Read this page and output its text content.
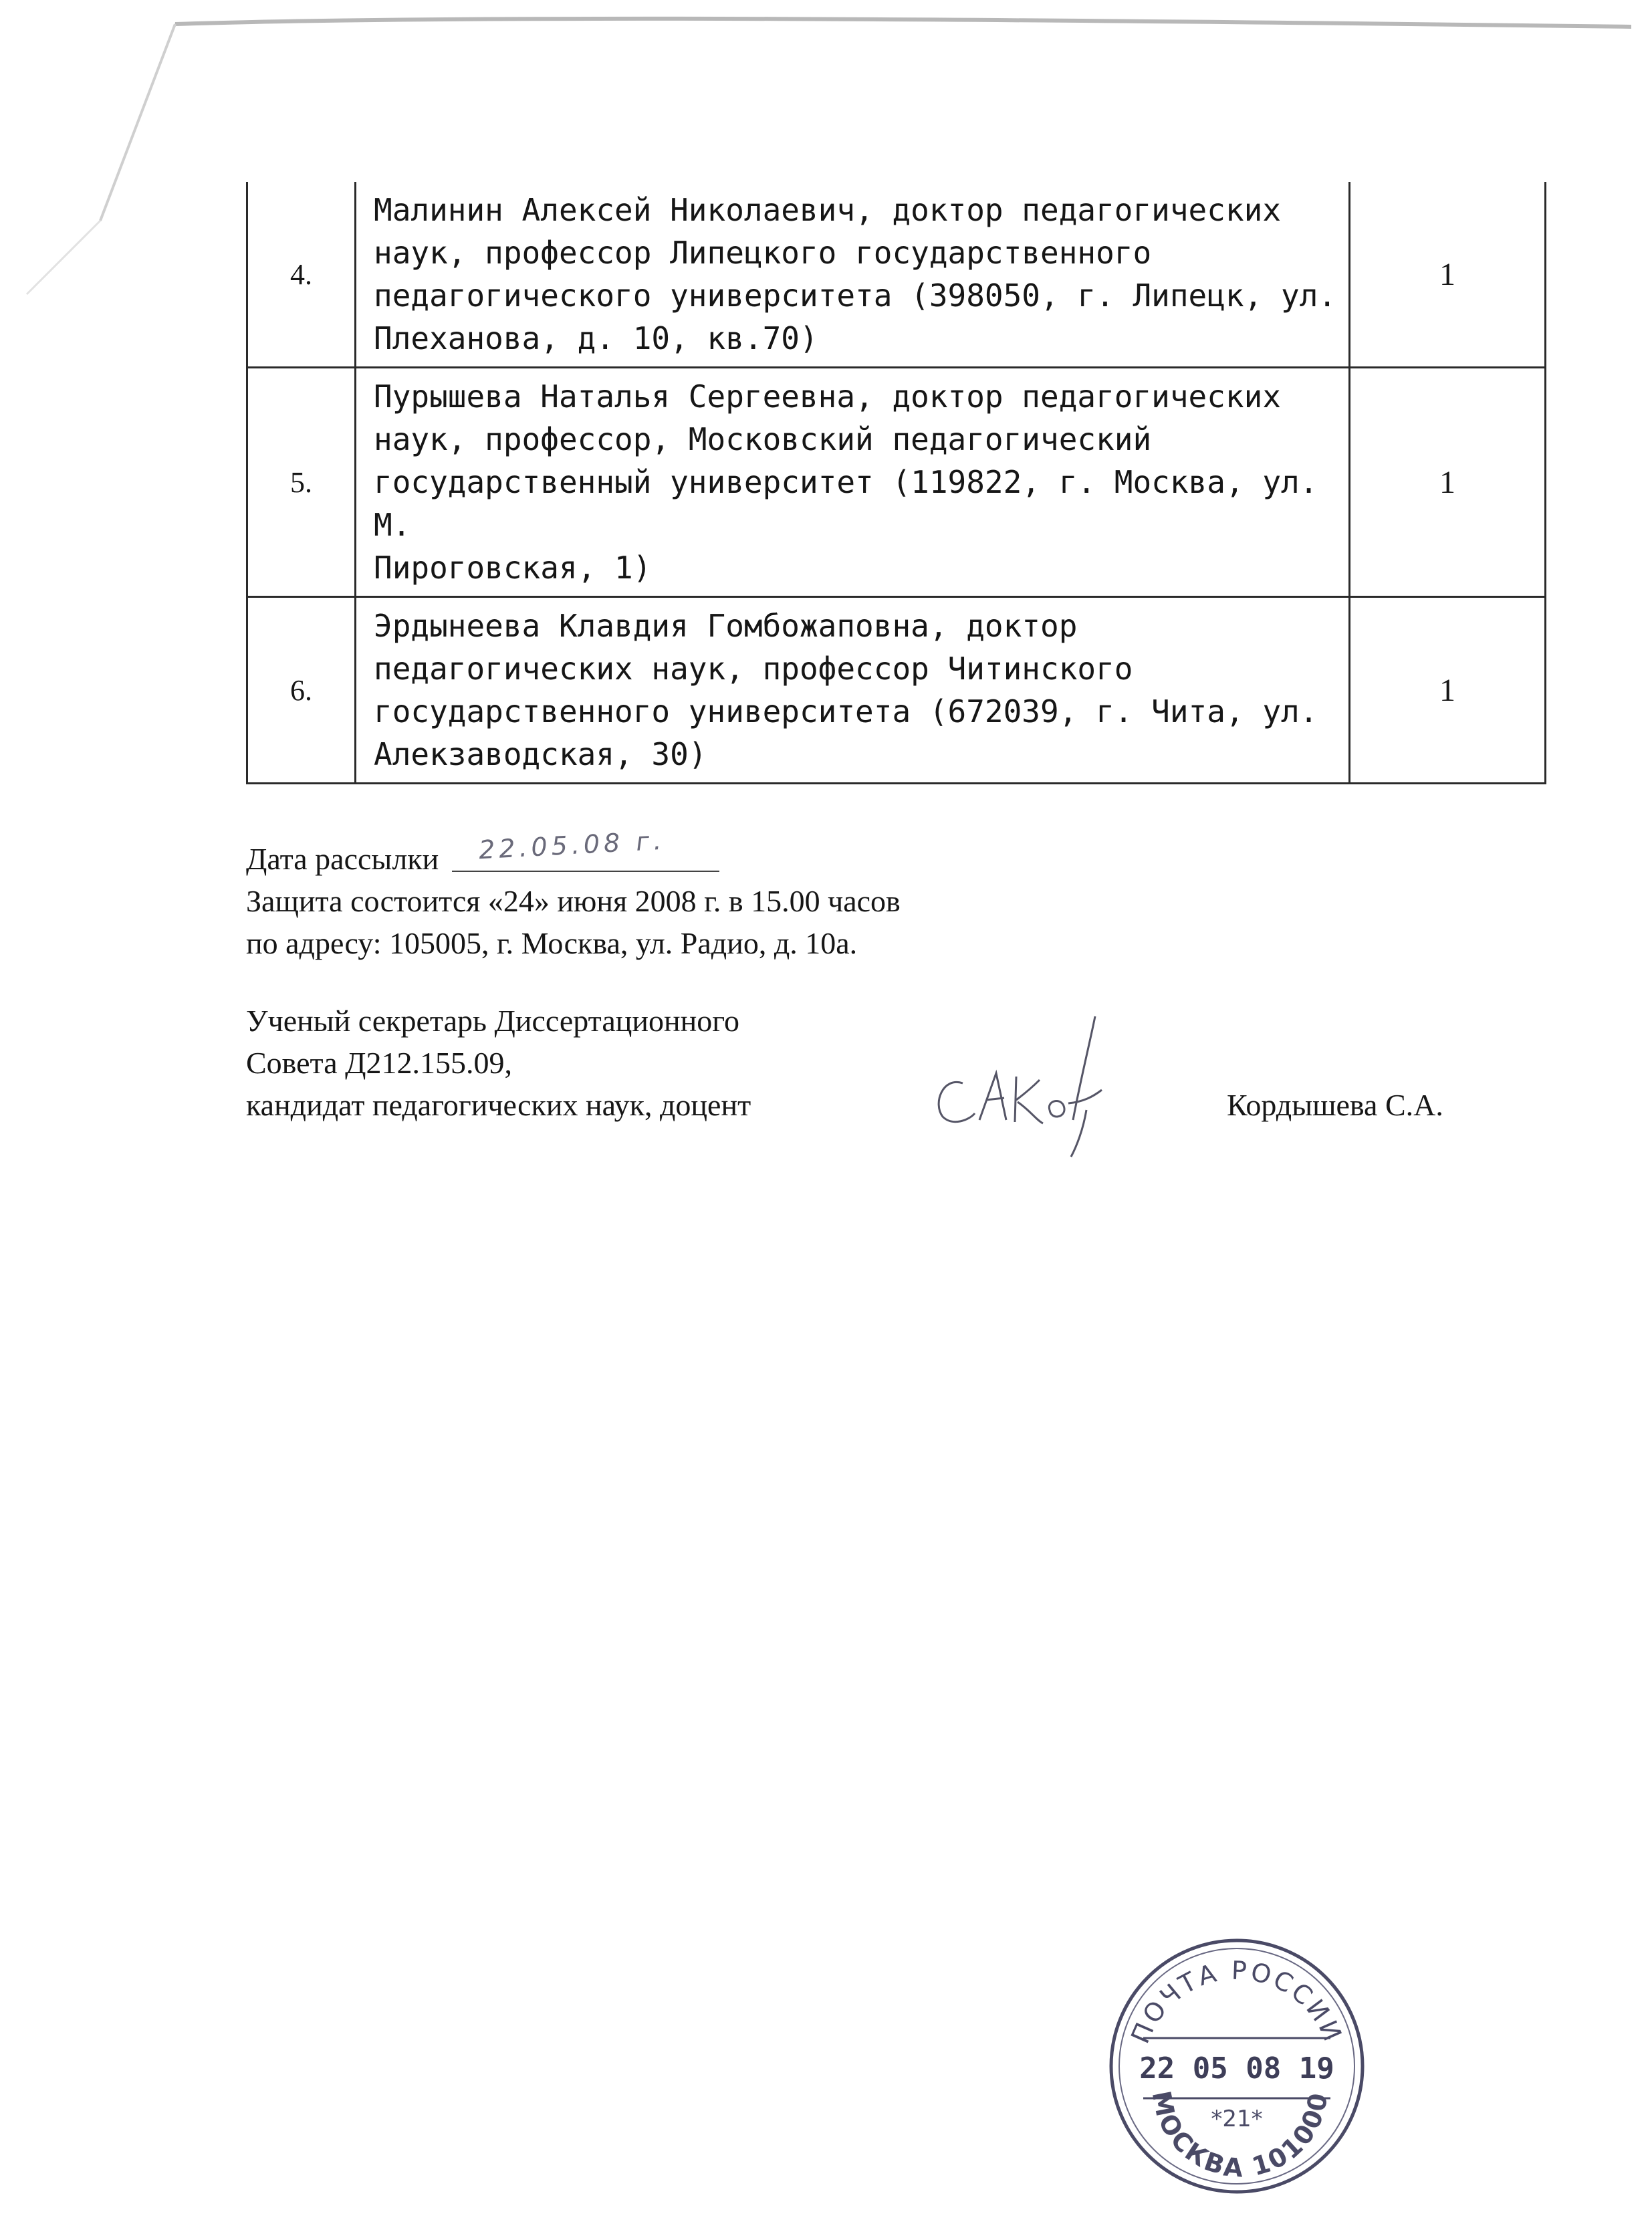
4.	Малинин Алексей Николаевич, доктор педагогических
наук, профессор Липецкого государственного
педагогического университета (398050, г. Липецк, ул.
Плеханова, д. 10, кв.70)	1
5.	Пурышева Наталья Сергеевна, доктор педагогических
наук, профессор, Московский педагогический
государственный университет (119822, г. Москва, ул. М.
Пироговская, 1)	1
6.	Эрдынеева Клавдия Гомбожаповна, доктор
педагогических наук, профессор Читинского
государственного университета (672039, г. Чита, ул.
Алекзаводская, 30)	1
Дата рассылки 22.05.08 г.
Защита состоится «24» июня 2008 г. в 15.00 часов
по адресу: 105005, г. Москва, ул. Радио, д. 10а.
Ученый секретарь Диссертационного
Совета Д212.155.09,
кандидат педагогических наук, доцент	Кордышева С.А.
ПОЧТА РОССИИ
22 05 08 19
*21*
МОСКВА 101000
